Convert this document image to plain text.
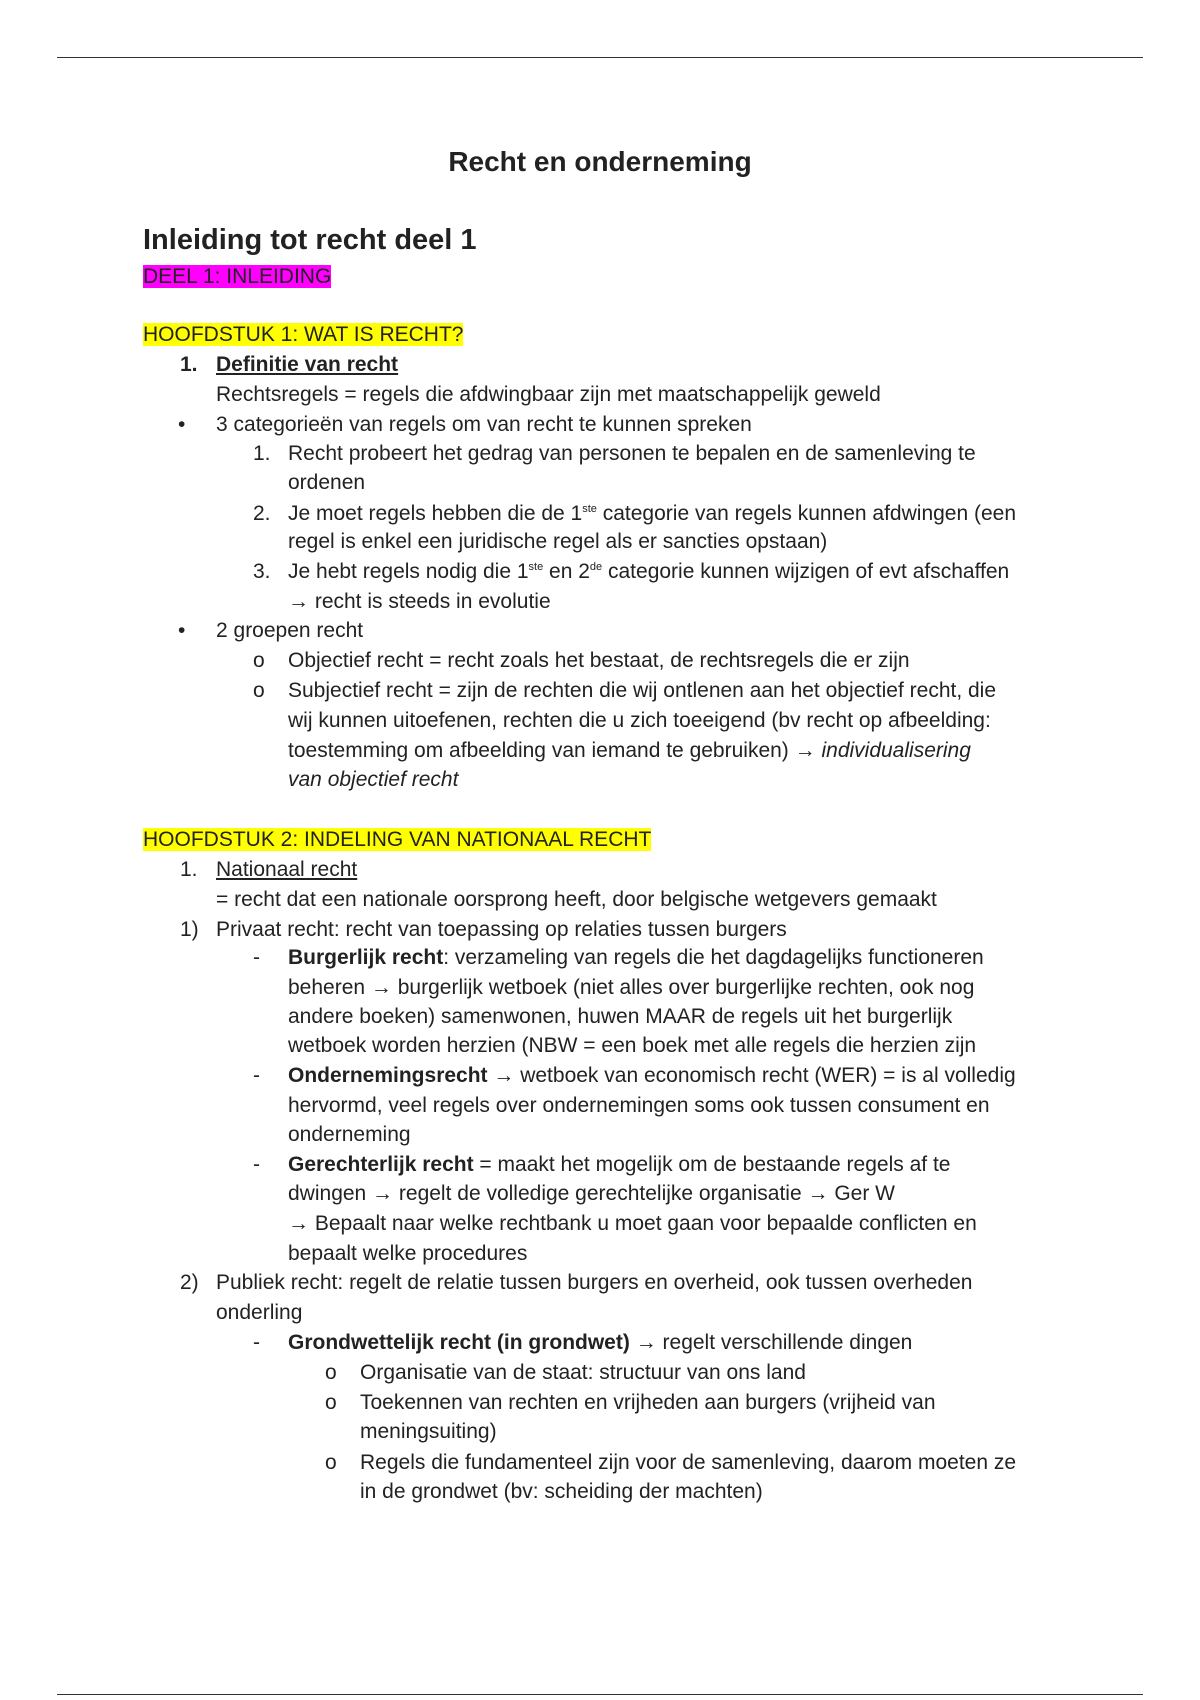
Recht en onderneming
Inleiding tot recht deel 1
DEEL 1: INLEIDING
HOOFDSTUK 1: WAT IS RECHT?
1. Definitie van recht
Rechtsregels = regels die afdwingbaar zijn met maatschappelijk geweld
• 3 categorieën van regels om van recht te kunnen spreken
1. Recht probeert het gedrag van personen te bepalen en de samenleving te
ordenen
2. Je moet regels hebben die de 1ste categorie van regels kunnen afdwingen (een
regel is enkel een juridische regel als er sancties opstaan)
3. Je hebt regels nodig die 1ste en 2de categorie kunnen wijzigen of evt afschaffen
→ recht is steeds in evolutie
• 2 groepen recht
o Objectief recht = recht zoals het bestaat, de rechtsregels die er zijn
o Subjectief recht = zijn de rechten die wij ontlenen aan het objectief recht, die
wij kunnen uitoefenen, rechten die u zich toeeigend (bv recht op afbeelding:
toestemming om afbeelding van iemand te gebruiken) → individualisering
van objectief recht
HOOFDSTUK 2: INDELING VAN NATIONAAL RECHT
1. Nationaal recht
= recht dat een nationale oorsprong heeft, door belgische wetgevers gemaakt
1) Privaat recht: recht van toepassing op relaties tussen burgers
- Burgerlijk recht: verzameling van regels die het dagdagelijks functioneren
beheren → burgerlijk wetboek (niet alles over burgerlijke rechten, ook nog
andere boeken) samenwonen, huwen MAAR de regels uit het burgerlijk
wetboek worden herzien (NBW = een boek met alle regels die herzien zijn
- Ondernemingsrecht → wetboek van economisch recht (WER) = is al volledig
hervormd, veel regels over ondernemingen soms ook tussen consument en
onderneming
- Gerechterlijk recht = maakt het mogelijk om de bestaande regels af te
dwingen → regelt de volledige gerechtelijke organisatie → Ger W
→ Bepaalt naar welke rechtbank u moet gaan voor bepaalde conflicten en
bepaalt welke procedures
2) Publiek recht: regelt de relatie tussen burgers en overheid, ook tussen overheden
onderling
- Grondwettelijk recht (in grondwet) → regelt verschillende dingen
o Organisatie van de staat: structuur van ons land
o Toekennen van rechten en vrijheden aan burgers (vrijheid van
meningsuiting)
o Regels die fundamenteel zijn voor de samenleving, daarom moeten ze
in de grondwet (bv: scheiding der machten)
